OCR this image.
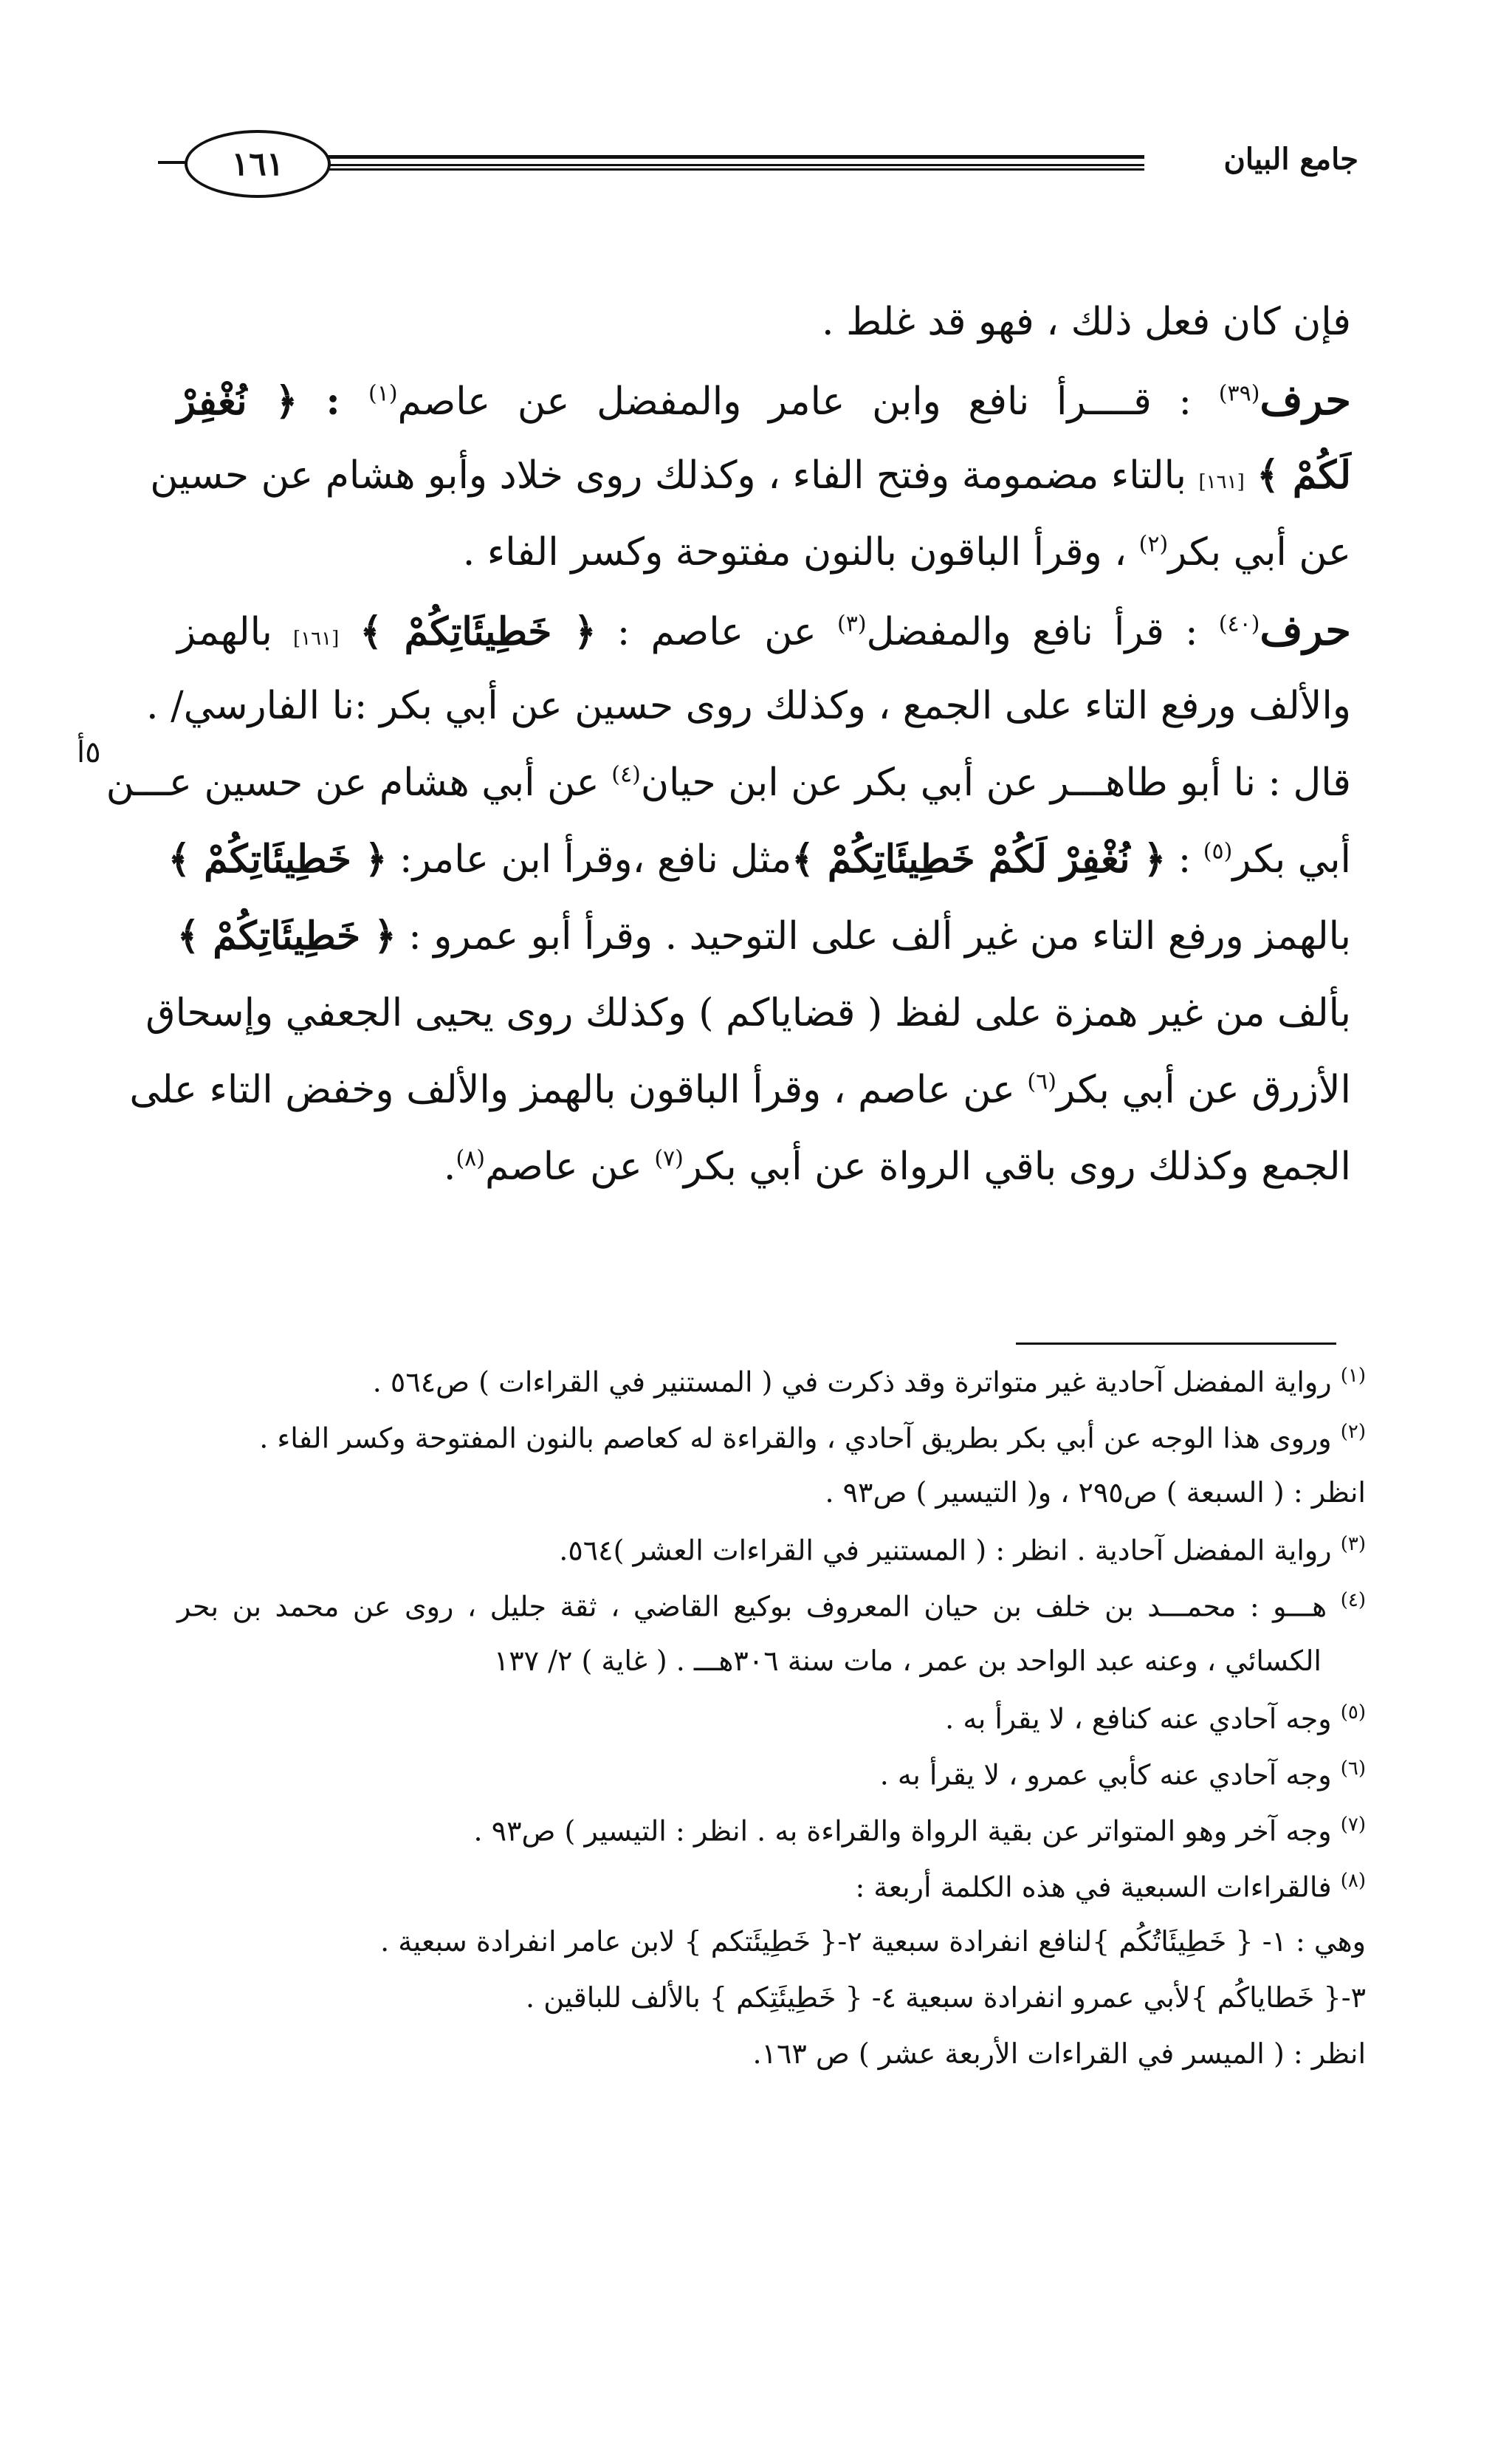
١٦١	جامع البيان
٥أ
فإن كان فعل ذلك ، فهو قد غلط .
حرف$^{(٣٩)}$ : قــــرأ نافع وابن عامر والمفضل عن عاصم$^{(١)}$ : ﴿ نُغْفِرْ
لَكُمْ ﴾ [١٦١] بالتاء مضمومة وفتح الفاء ، وكذلك روى خلاد وأبو هشام عن حسين
عن أبي بكر$^{(٢)}$ ، وقرأ الباقون بالنون مفتوحة وكسر الفاء .
حرف$^{(٤٠)}$ : قرأ نافع والمفضل$^{(٣)}$ عن عاصم : ﴿ خَطِيئَاتِكُمْ ﴾ [١٦١] بالهمز
والألف ورفع التاء على الجمع ، وكذلك روى حسين عن أبي بكر :نا الفارسي/ .
قال : نا أبو طاهـــر عن أبي بكر عن ابن حيان$^{(٤)}$ عن أبي هشام عن حسين عـــن
أبي بكر$^{(٥)}$ : ﴿ نُغْفِرْ لَكُمْ خَطِيئَاتِكُمْ ﴾مثل نافع ،وقرأ ابن عامر: ﴿ خَطِيئَاتِكُمْ ﴾
بالهمز ورفع التاء من غير ألف على التوحيد . وقرأ أبو عمرو : ﴿ خَطِيئَاتِكُمْ ﴾
بألف من غير همزة على لفظ ( قضاياكم ) وكذلك روى يحيى الجعفي وإسحاق
الأزرق عن أبي بكر$^{(٦)}$ عن عاصم ، وقرأ الباقون بالهمز والألف وخفض التاء على
الجمع وكذلك روى باقي الرواة عن أبي بكر$^{(٧)}$ عن عاصم$^{(٨)}$.
$^{(١)}$ رواية المفضل آحادية غير متواترة وقد ذكرت في ( المستنير في القراءات ) ص٥٦٤ .
$^{(٢)}$ وروى هذا الوجه عن أبي بكر بطريق آحادي ، والقراءة له كعاصم بالنون المفتوحة وكسر الفاء .
انظر : ( السبعة ) ص٢٩٥ ، و( التيسير ) ص٩٣ .
$^{(٣)}$ رواية المفضل آحادية . انظر : ( المستنير في القراءات العشر )٥٦٤.
$^{(٤)}$ هـــو : محمـــد بن خلف بن حيان المعروف بوكيع القاضي ، ثقة جليل ، روى عن محمد بن بحر
الكسائي ، وعنه عبد الواحد بن عمر ، مات سنة ٣٠٦هـــ . ( غاية ) ٢/ ١٣٧
$^{(٥)}$ وجه آحادي عنه كنافع ، لا يقرأ به .
$^{(٦)}$ وجه آحادي عنه كأبي عمرو ، لا يقرأ به .
$^{(٧)}$ وجه آخر وهو المتواتر عن بقية الرواة والقراءة به . انظر : التيسير ) ص٩٣ .
$^{(٨)}$ فالقراءات السبعية في هذه الكلمة أربعة :
وهي : ١- { خَطِيئَاتُكُم }لنافع انفرادة سبعية ٢-{ خَطِيئَتكم } لابن عامر انفرادة سبعية .
٣-{ خَطاياكُم }لأبي عمرو انفرادة سبعية ٤- { خَطِيئَتِكم } بالألف للباقين .
انظر : ( الميسر في القراءات الأربعة عشر ) ص ١٦٣.
